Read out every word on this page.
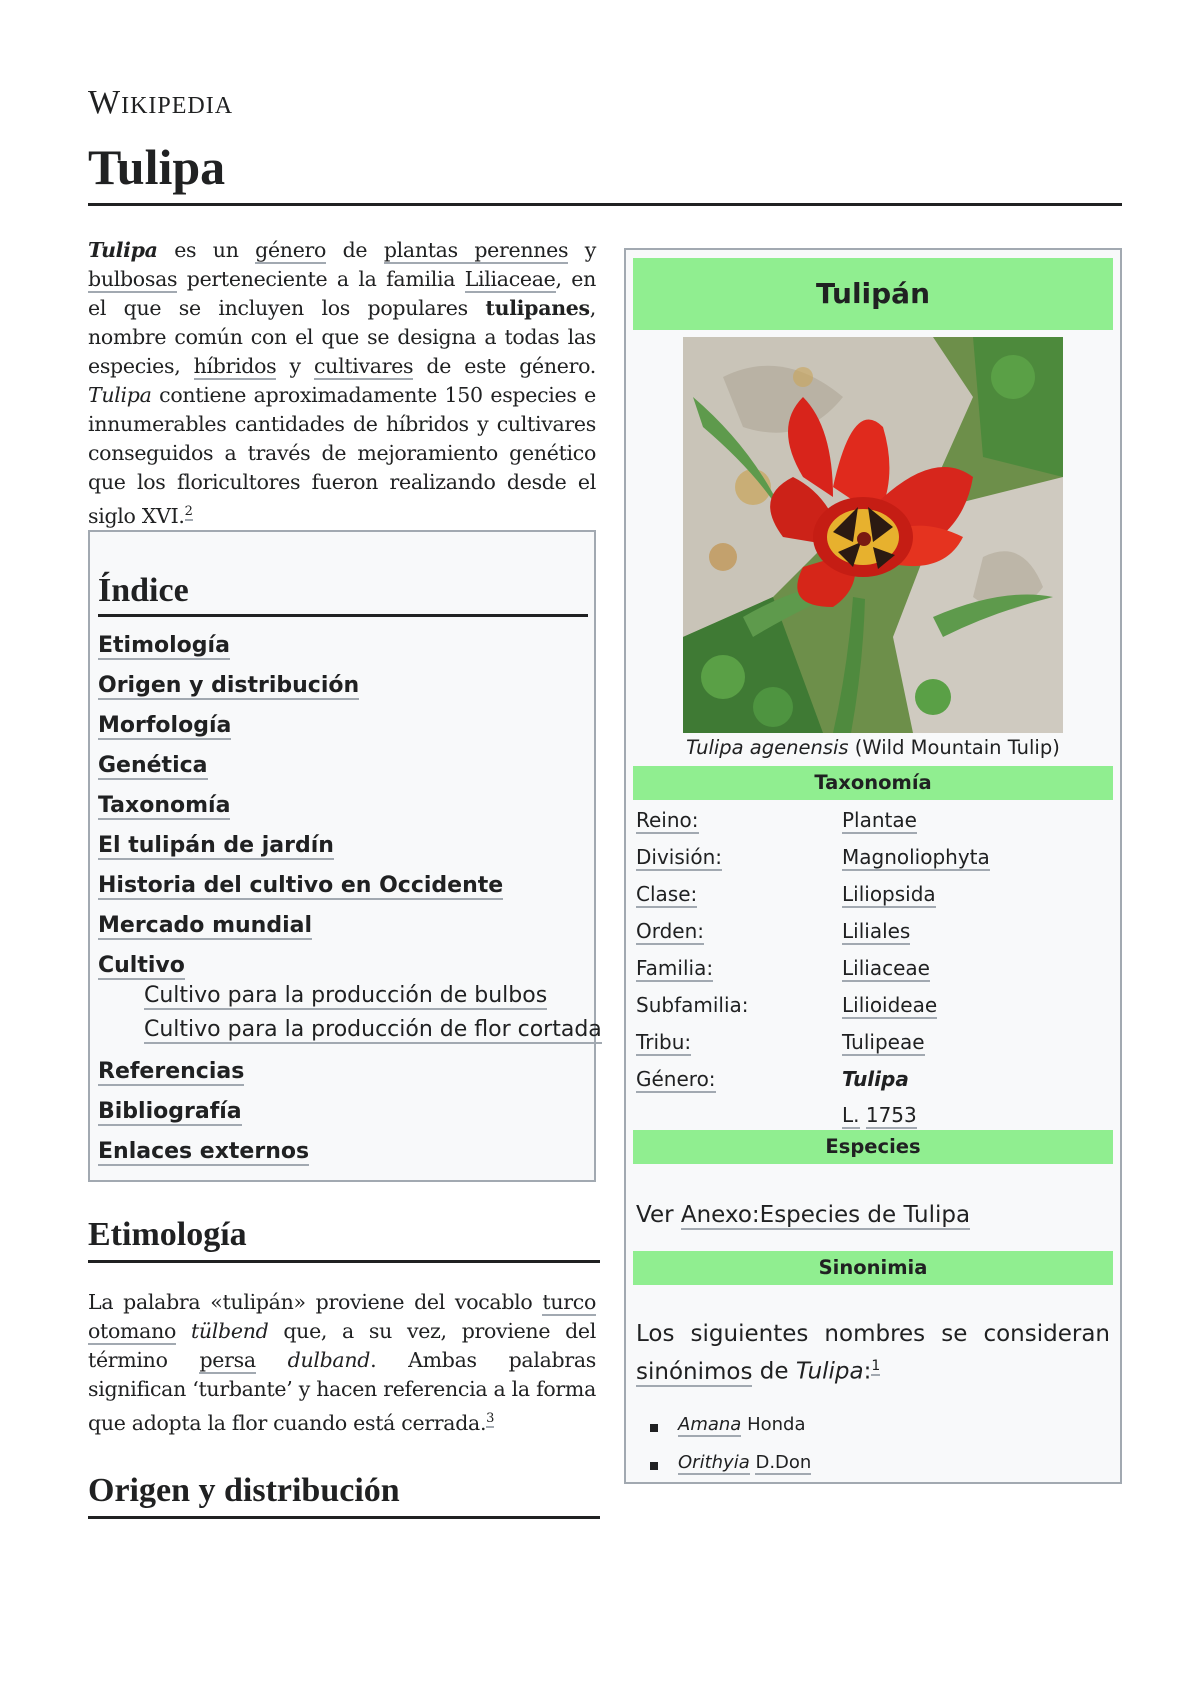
Wikipedia
Tulipa
Tulipa es un género de plantas perennes y bulbosas perteneciente a la familia Liliaceae, en el que se incluyen los populares tulipanes, nombre común con el que se designa a todas las especies, híbridos y cultivares de este género. Tulipa contiene aproximadamente 150 especies e innumerables cantidades de híbridos y cultivares conseguidos a través de mejoramiento genético que los floricultores fueron realizando desde el siglo XVI.$^2$
Índice
Etimología
Origen y distribución
Morfología
Genética
Taxonomía
El tulipán de jardín
Historia del cultivo en Occidente
Mercado mundial
Cultivo
Cultivo para la producción de bulbos
Cultivo para la producción de flor cortada
Referencias
Bibliografía
Enlaces externos
Etimología
La palabra «tulipán» proviene del vocablo turco otomano tülbend que, a su vez, proviene del término persa dulband. Ambas palabras significan ‘turbante’ y hacen referencia a la forma que adopta la flor cuando está cerrada.$^3$
Origen y distribución
Tulipán
Tulipa agenensis (Wild Mountain Tulip)
Taxonomía
Reino:	Plantae
División:	Magnoliophyta
Clase:	Liliopsida
Orden:	Liliales
Familia:	Liliaceae
Subfamilia:	Lilioideae
Tribu:	Tulipeae
Género:	Tulipa
L. 1753
Especies
Ver Anexo:Especies de Tulipa
Sinonimia
Los siguientes nombres se consideran sinónimos de Tulipa:$^1$
Amana Honda
Orithyia D.Don
